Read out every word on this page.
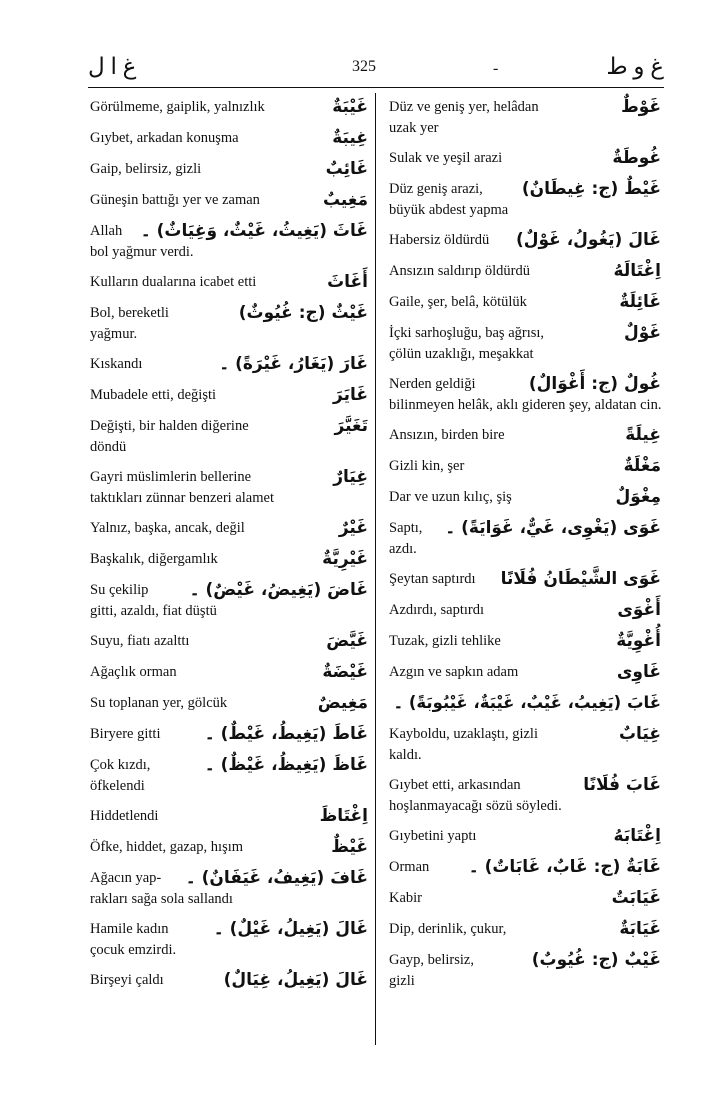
غ ا ل	325	-	غ و ط
Görülmeme, gaiplik, yalnızlık	غَيْبَةٌ
Gıybet, arkadan konuşma	غِيبَةٌ
Gaip, belirsiz, gizli	غَائِبٌ
Güneşin battığı yer ve zaman	مَغِيبٌ
Allah غَاثَ (يَغِيثُ، غَيْثٌ، وَغِيَاثٌ) ۔
bol yağmur verdi.
Kulların dualarına icabet etti	أَغَاثَ
Bol, bereketli	غَيْثٌ (ج: غُيُوثٌ)
yağmur.
Kıskandı	غَارَ (يَغَارُ، غَيْرَةً) ۔
Mubadele etti, değişti	غَايَرَ
Değişti, bir halden diğerine	تَغَيَّرَ
döndü
Gayri müslimlerin bellerine	غِيَارٌ
taktıkları zünnar benzeri alamet
Yalnız, başka, ancak, değil	غَيْرٌ
Başkalık, diğergamlık	غَيْرِيَّةٌ
Su çekilip غَاضَ (يَغِيضُ، غَيْضٌ) ۔
gitti, azaldı, fiat düştü
Suyu, fiatı azalttı	غَيَّضَ
Ağaçlık orman	غَيْضَةٌ
Su toplanan yer, gölcük	مَغِيضٌ
Biryere gitti	غَاطَ (يَغِيطُ، غَيْطٌ) ۔
Çok kızdı,	غَاظَ (يَغِيظُ، غَيْظٌ) ۔
öfkelendi
Hiddetlendi	اِغْتَاظَ
Öfke, hiddet, gazap, hışım	غَيْظٌ
Ağacın yap- غَافَ (يَغِيفُ، غَيَفَانٌ) ۔
rakları sağa sola sallandı
Hamile kadın	غَالَ (يَغِيلُ، غَيْلٌ) ۔
çocuk emzirdi.
Birşeyi çaldı	غَالَ (يَغِيلُ، غِيَالٌ)
Düz ve geniş yer, helâdan	غَوْطٌ
uzak yer
Sulak ve yeşil arazi	غُوطَةٌ
Düz geniş arazi, غَيْطٌ (ج: غِيطَانٌ)
büyük abdest yapma
Habersiz öldürdü غَالَ (يَغُولُ، غَوْلٌ)
Ansızın saldırıp öldürdü	اِغْتَالَهُ
Gaile, şer, belâ, kötülük	غَائِلَةٌ
İçki sarhoşluğu, baş ağrısı,	غَوْلٌ
çölün uzaklığı, meşakkat
Nerden geldiği	غُولٌ (ج: أَغْوَالٌ)
bilinmeyen helâk, aklı gideren şey, aldatan cin.
Ansızın, birden bire	غِيلَةً
Gizli kin, şer	مَغْلَةٌ
Dar ve uzun kılıç, şiş	مِغْوَلٌ
Saptı, غَوَى (يَغْوِى، غَيٌّ، غَوَايَةً) ۔
azdı.
Şeytan saptırdı غَوَى الشَّيْطَانُ فُلَانًا
Azdırdı, saptırdı	أَغْوَى
Tuzak, gizli tehlike	أُغْوِيَّةٌ
Azgın ve sapkın adam	غَاوِى
غَابَ (يَغِيبُ، غَيْبٌ، غَيْبَةٌ، غَيْبُوبَةً) ۔
Kayboldu, uzaklaştı, gizli	غِيَابٌ
kaldı.
Gıybet etti, arkasından	غَابَ فُلَانًا
hoşlanmayacağı sözü söyledi.
Gıybetini yaptı	اِغْتَابَهُ
Orman غَابَةٌ (ج: غَابٌ، غَابَاتٌ) ۔
Kabir	غَيَابَتٌ
Dip, derinlik, çukur,	غَيَابَةٌ
Gayp, belirsiz,	غَيْبٌ (ج: غُيُوبٌ)
gizli
